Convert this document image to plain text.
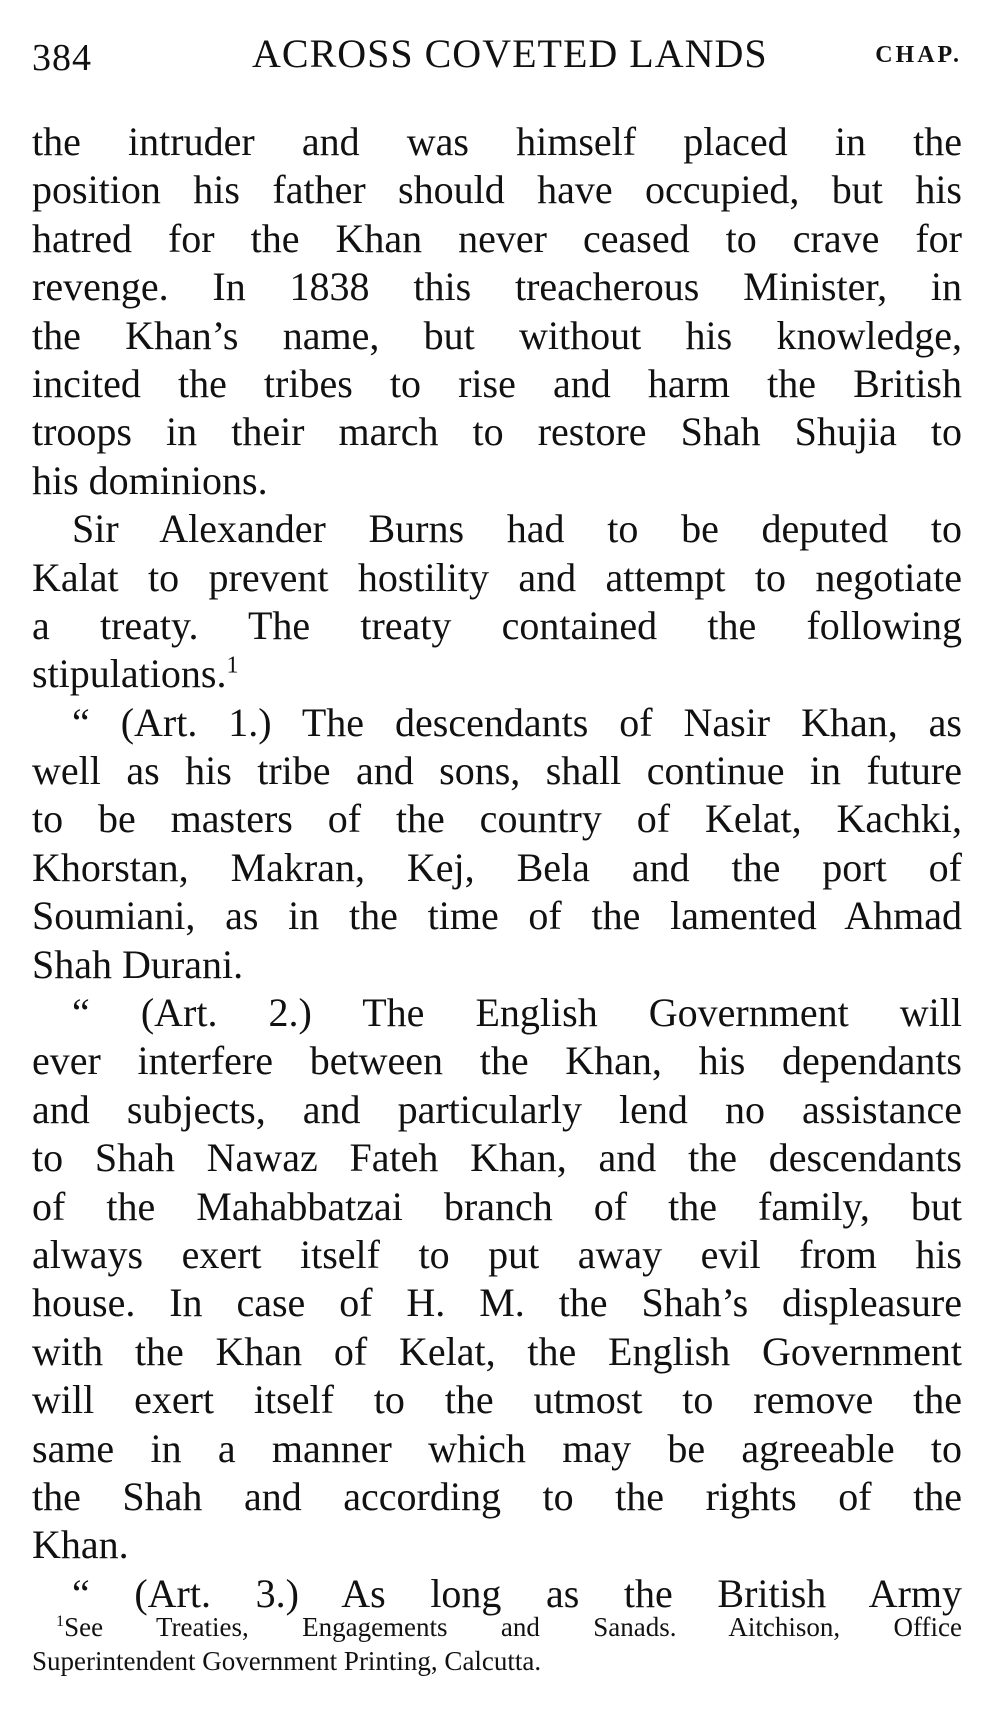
384	ACROSS COVETED LANDS	CHAP.
the intruder and was himself placed in the
position his father should have occupied, but his
hatred for the Khan never ceased to crave for
revenge. In 1838 this treacherous Minister, in
the Khan’s name, but without his knowledge,
incited the tribes to rise and harm the British
troops in their march to restore Shah Shujia to
his dominions.
Sir Alexander Burns had to be deputed to
Kalat to prevent hostility and attempt to negotiate
a treaty. The treaty contained the following
stipulations.$^1$
“ (Art. 1.) The descendants of Nasir Khan, as
well as his tribe and sons, shall continue in future
to be masters of the country of Kelat, Kachki,
Khorstan, Makran, Kej, Bela and the port of
Soumiani, as in the time of the lamented Ahmad
Shah Durani.
“ (Art. 2.) The English Government will
ever interfere between the Khan, his dependants
and subjects, and particularly lend no assistance
to Shah Nawaz Fateh Khan, and the descendants
of the Mahabbatzai branch of the family, but
always exert itself to put away evil from his
house. In case of H. M. the Shah’s displeasure
with the Khan of Kelat, the English Government
will exert itself to the utmost to remove the
same in a manner which may be agreeable to
the Shah and according to the rights of the
Khan.
“ (Art. 3.) As long as the British Army
$^1$See Treaties, Engagements and Sanads. Aitchison, Office
Superintendent Government Printing, Calcutta.
